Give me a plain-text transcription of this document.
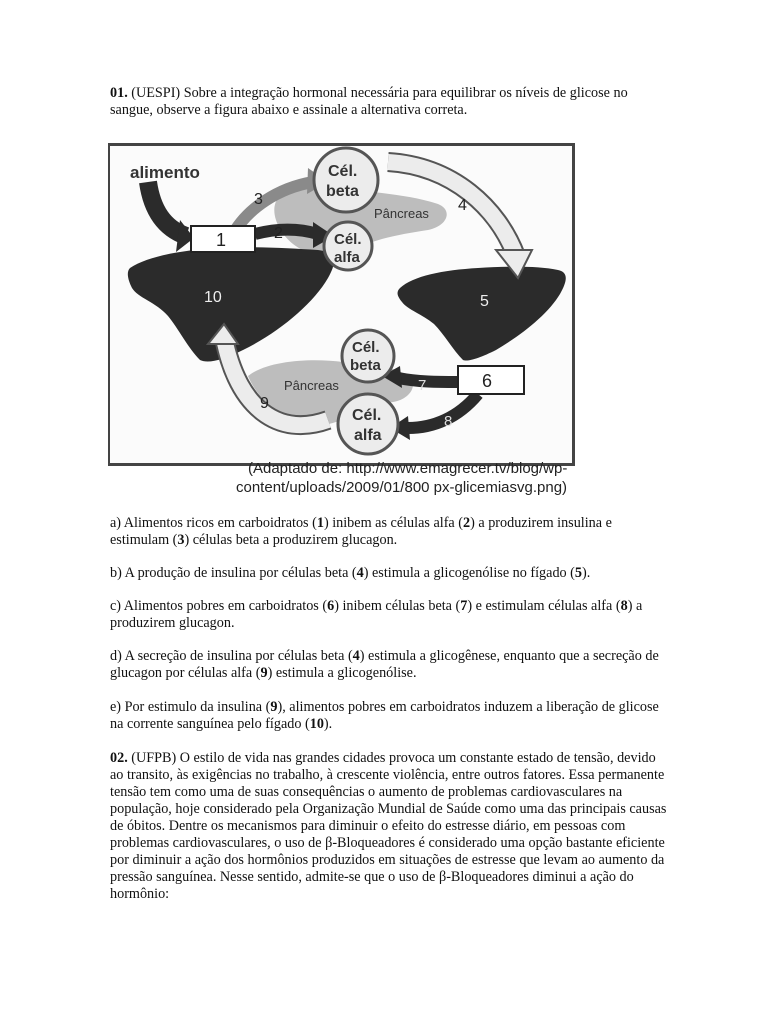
01. (UESPI) Sobre a integração hormonal necessária para equilibrar os níveis de glicose no sangue, observe a figura abaixo e assinale a alternativa correta.

1
6
Cél.
beta
Cél.
alfa
Cél.
beta
Cél.
alfa
alimento
Pâncreas
Pâncreas
3
2
4
5
10
7
8
9
(Adaptado de: http://www.emagrecer.tv/blog/wp-
content/uploads/2009/01/800 px-glicemiasvg.png)

a) Alimentos ricos em carboidratos (1) inibem as células alfa (2) a produzirem insulina e estimulam (3) células beta a produzirem glucagon.

b) A produção de insulina por células beta (4) estimula a glicogenólise no fígado (5).

c) Alimentos pobres em carboidratos (6) inibem células beta (7) e estimulam células alfa (8) a produzirem glucagon.

d) A secreção de insulina por células beta (4) estimula a glicogênese, enquanto que a secreção de glucagon por células alfa (9) estimula a glicogenólise.

e) Por estimulo da insulina (9), alimentos pobres em carboidratos induzem a liberação de glicose na corrente sanguínea pelo fígado (10).

02. (UFPB) O estilo de vida nas grandes cidades provoca um constante estado de tensão, devido ao transito, às exigências no trabalho, à crescente violência, entre outros fatores. Essa permanente tensão tem como uma de suas consequências o aumento de problemas cardiovasculares na população, hoje considerado pela Organização Mundial de Saúde como uma das principais causas de óbitos. Dentre os mecanismos para diminuir o efeito do estresse diário, em pessoas com problemas cardiovasculares, o uso de β-Bloqueadores é considerado uma opção bastante eficiente por diminuir a ação dos hormônios produzidos em situações de estresse que levam ao aumento da pressão sanguínea. Nesse sentido, admite-se que o uso de β-Bloqueadores diminui a ação do hormônio:
